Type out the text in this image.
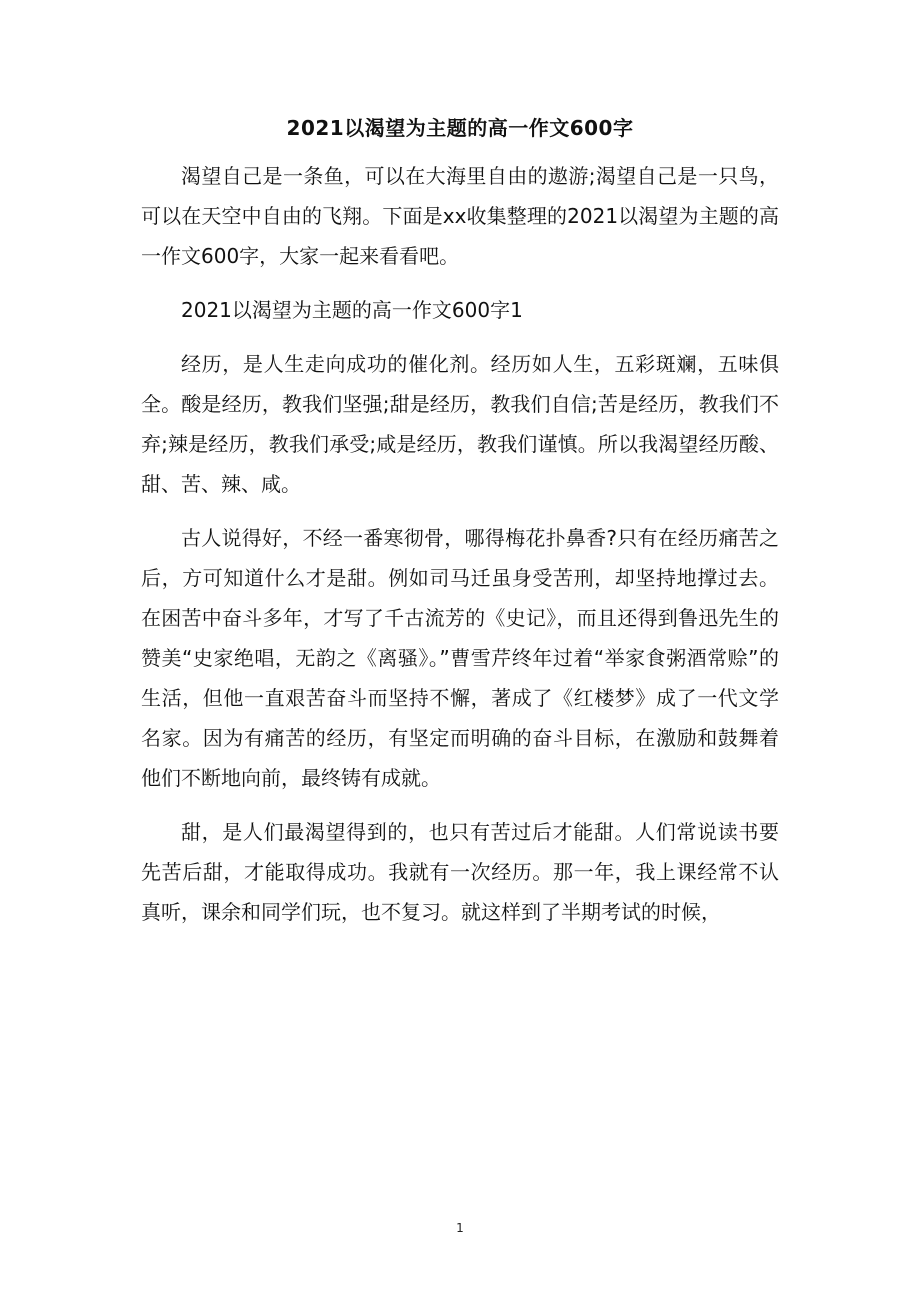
2021以渴望为主题的高一作文600字

渴望自己是一条鱼，可以在大海里自由的遨游;渴望自己是一只鸟，可以在天空中自由的飞翔。下面是xx收集整理的2021以渴望为主题的高一作文600字，大家一起来看看吧。

2021以渴望为主题的高一作文600字1

经历，是人生走向成功的催化剂。经历如人生，五彩斑斓，五味俱全。酸是经历，教我们坚强;甜是经历，教我们自信;苦是经历，教我们不弃;辣是经历，教我们承受;咸是经历，教我们谨慎。所以我渴望经历酸、甜、苦、辣、咸。

古人说得好，不经一番寒彻骨，哪得梅花扑鼻香?只有在经历痛苦之后，方可知道什么才是甜。例如司马迁虽身受苦刑，却坚持地撑过去。在困苦中奋斗多年，才写了千古流芳的《史记》，而且还得到鲁迅先生的赞美“史家绝唱，无韵之《离骚》。”曹雪芹终年过着“举家食粥酒常赊”的生活，但他一直艰苦奋斗而坚持不懈，著成了《红楼梦》成了一代文学名家。因为有痛苦的经历，有坚定而明确的奋斗目标，在激励和鼓舞着他们不断地向前，最终铸有成就。

甜，是人们最渴望得到的，也只有苦过后才能甜。人们常说读书要先苦后甜，才能取得成功。我就有一次经历。那一年，我上课经常不认真听，课余和同学们玩，也不复习。就这样到了半期考试的时候，

1
